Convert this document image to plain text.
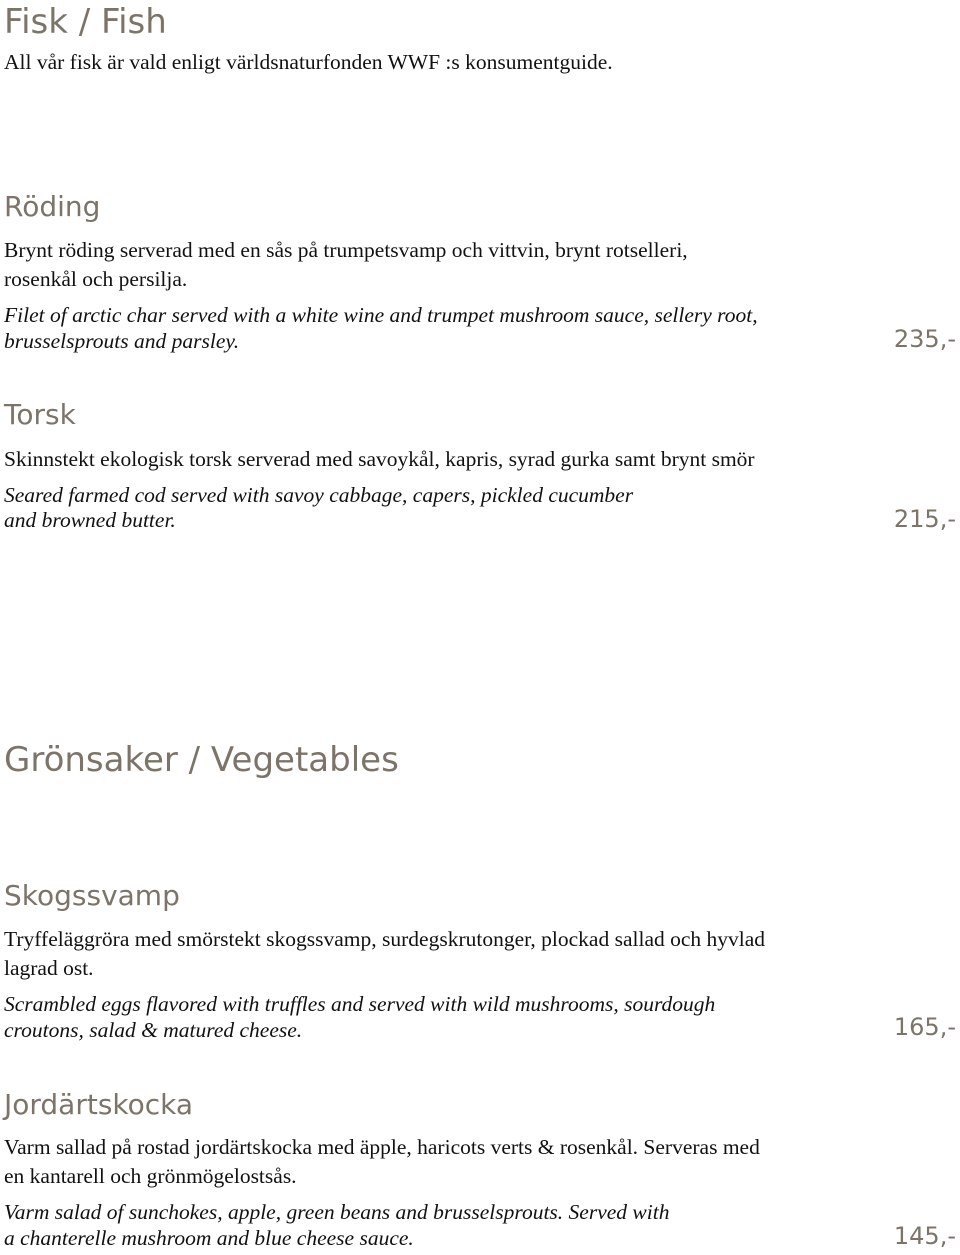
Fisk / Fish
All vår fisk är vald enligt världsnaturfonden WWF :s konsumentguide.
Röding
Brynt röding serverad med en sås på trumpetsvamp och vittvin, brynt rotselleri,
rosenkål och persilja.
Filet of arctic char served with a white wine and trumpet mushroom sauce, sellery root,
brusselsprouts and parsley.	235,-
Torsk
Skinnstekt ekologisk torsk serverad med savoykål, kapris, syrad gurka samt brynt smör
Seared farmed cod served with savoy cabbage, capers, pickled cucumber
and browned butter.	215,-
Grönsaker / Vegetables
Skogssvamp
Tryffeläggröra med smörstekt skogssvamp, surdegskrutonger, plockad sallad och hyvlad
lagrad ost.
Scrambled eggs flavored with truffles and served with wild mushrooms, sourdough
croutons, salad & matured cheese.	165,-
Jordärtskocka
Varm sallad på rostad jordärtskocka med äpple, haricots verts & rosenkål. Serveras med
en kantarell och grönmögelostsås.
Varm salad of sunchokes, apple, green beans and brusselsprouts. Served with
a chanterelle mushroom and blue cheese sauce.	145,-
